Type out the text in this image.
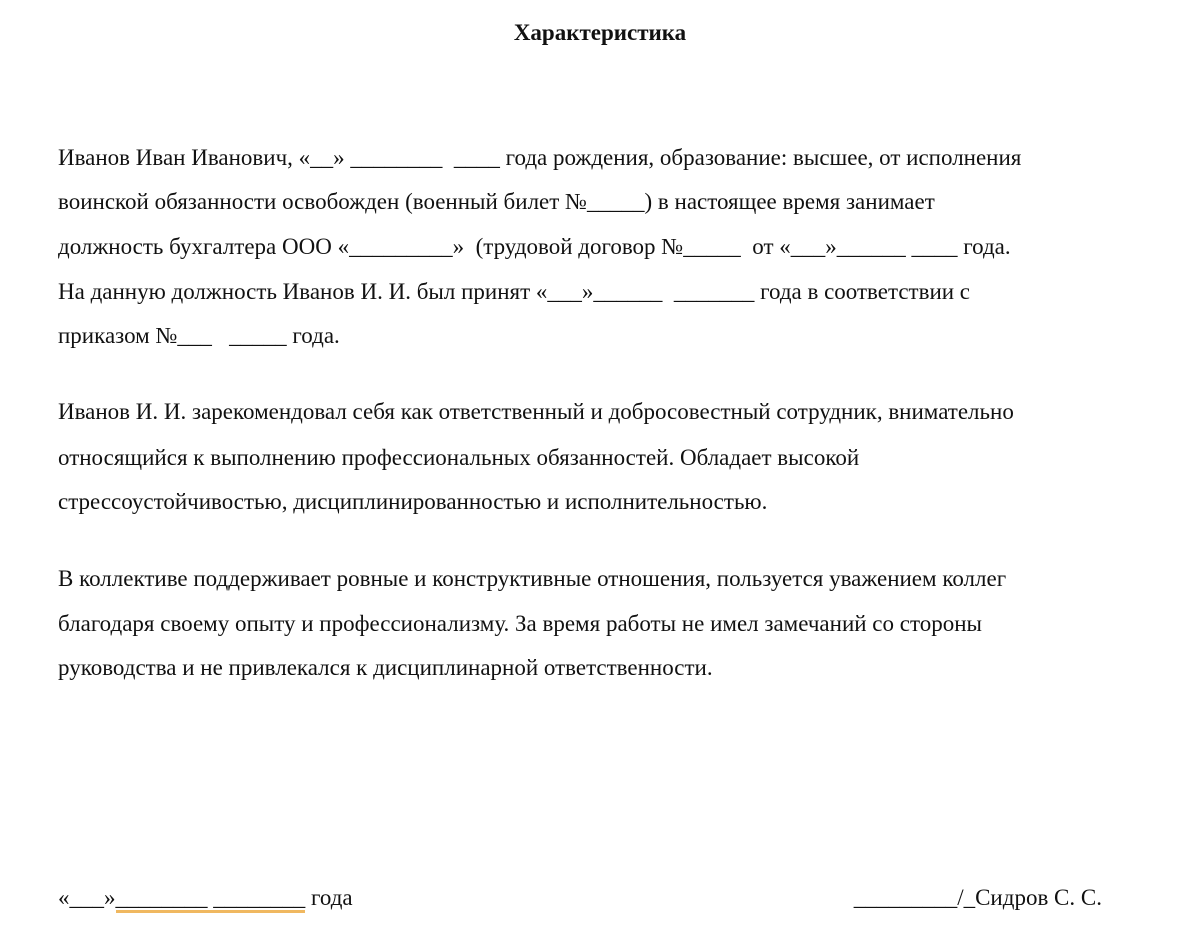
Характеристика
Иванов Иван Иванович, «__» ________  ____ года рождения, образование: высшее, от исполнения
воинской обязанности освобожден (военный билет №_____) в настоящее время занимает
должность бухгалтера ООО «_________»  (трудовой договор №_____  от «___»______ ____ года.
На данную должность Иванов И. И. был принят «___»______  _______ года в соответствии с
приказом №___   _____ года.
Иванов И. И. зарекомендовал себя как ответственный и добросовестный сотрудник, внимательно
относящийся к выполнению профессиональных обязанностей. Обладает высокой
стрессоустойчивостью, дисциплинированностью и исполнительностью.
В коллективе поддерживает ровные и конструктивные отношения, пользуется уважением коллег
благодаря своему опыту и профессионализму. За время работы не имел замечаний со стороны
руководства и не привлекался к дисциплинарной ответственности.
«___»________ ________ года	_________/_Сидров С. С.
